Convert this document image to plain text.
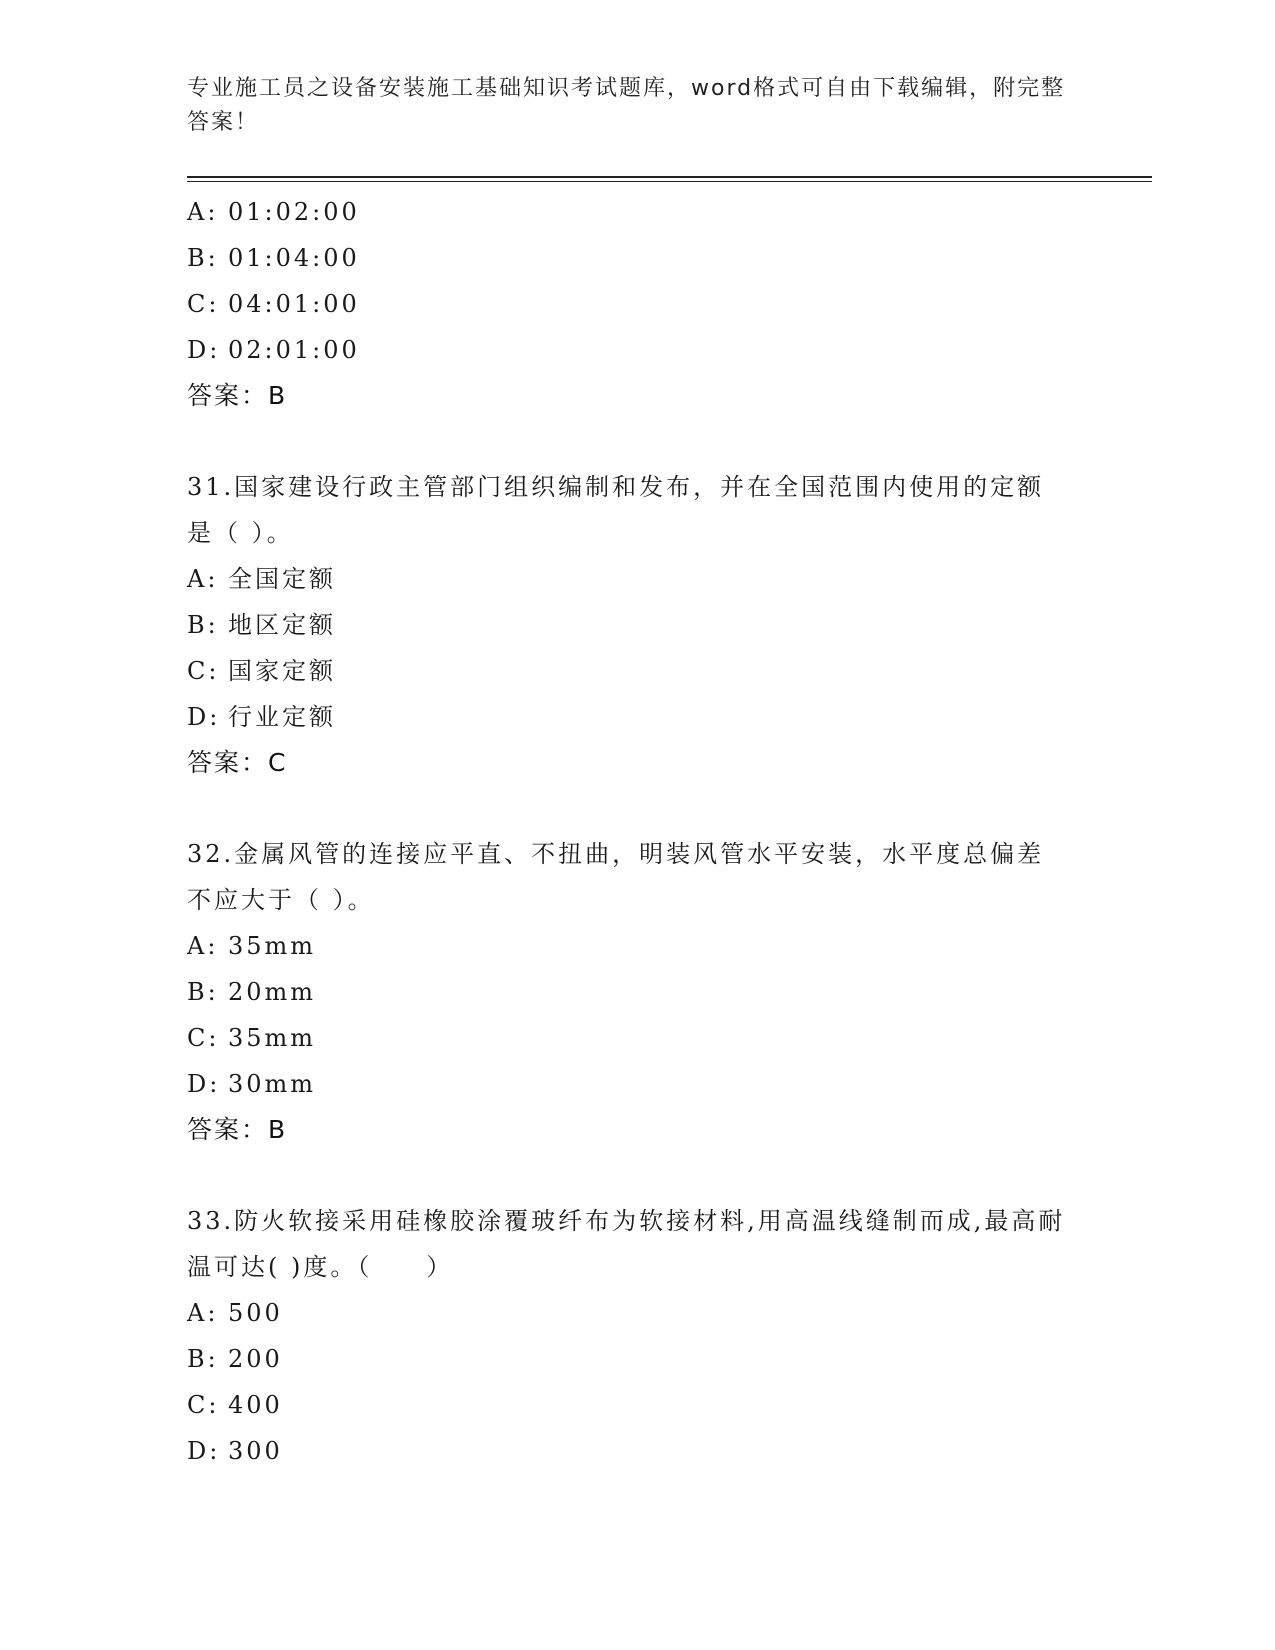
专业施工员之设备安装施工基础知识考试题库，word格式可自由下载编辑，附完整答案！
A: 01:02:00
B: 01:04:00
C: 04:01:00
D: 02:01:00
答案：B
31.国家建设行政主管部门组织编制和发布，并在全国范围内使用的定额是（ ）。
A: 全国定额
B: 地区定额
C: 国家定额
D: 行业定额
答案：C
32.金属风管的连接应平直、不扭曲，明装风管水平安装，水平度总偏差不应大于（ ）。
A: 35mm
B: 20mm
C: 35mm
D: 30mm
答案：B
33.防火软接采用硅橡胶涂覆玻纤布为软接材料,用高温线缝制而成,最高耐温可达( )度。（　　）
A: 500
B: 200
C: 400
D: 300
